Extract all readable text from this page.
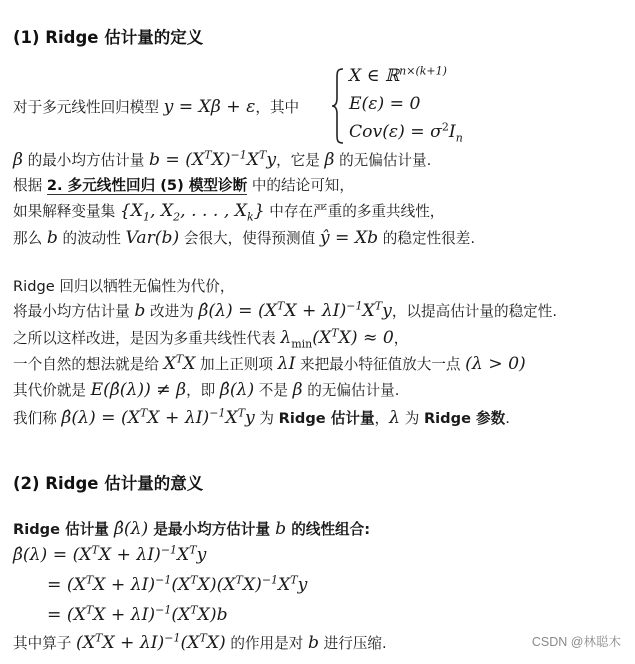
(1) Ridge 估计量的定义
对于多元线性回归模型 y = Xβ + ε，其中
X ∈ ℝ$^{n\times(k+1)}$
E(ε) = 0
$Cov(\varepsilon) = \sigma^2I_n$
β 的最小均方估计量 $b = (X^TX)^{-1}X^Ty$，它是 β 的无偏估计量.
根据 2. 多元线性回归 (5) 模型诊断 中的结论可知，
如果解释变量集 {$X_1$, $X_2$, . . . , $X_k$} 中存在严重的多重共线性，
那么 b 的波动性 Var(b) 会很大，使得预测值 ŷ = Xb 的稳定性很差.
Ridge 回归以牺牲无偏性为代价，
将最小均方估计量 b 改进为 β̂(λ) = $(X^TX + \lambda I)^{-1}X^Ty$，以提高估计量的稳定性.
之所以这样改进，是因为多重共线性代表 $\lambda_{min}(X^TX) \approx 0$，
一个自然的想法就是给 $X^TX$ 加上正则项 λI 来把最小特征值放大一点 (λ > 0)
其代价就是 E(β̂(λ)) ≠ β，即 β̂(λ) 不是 β 的无偏估计量.
我们称 β̂(λ) = $(X^TX + \lambda I)^{-1}X^Ty$ 为 Ridge 估计量，λ 为 Ridge 参数.
(2) Ridge 估计量的意义
Ridge 估计量 β̂(λ) 是最小均方估计量 b 的线性组合:
β̂(λ) = $(X^TX + \lambda I)^{-1}X^Ty$
= $(X^TX + \lambda I)^{-1}(X^TX)(X^TX)^{-1}X^Ty$
= $(X^TX + \lambda I)^{-1}(X^TX)b$
其中算子 $(X^TX + \lambda I)^{-1}(X^TX)$ 的作用是对 b 进行压缩.	CSDN @林聪木
